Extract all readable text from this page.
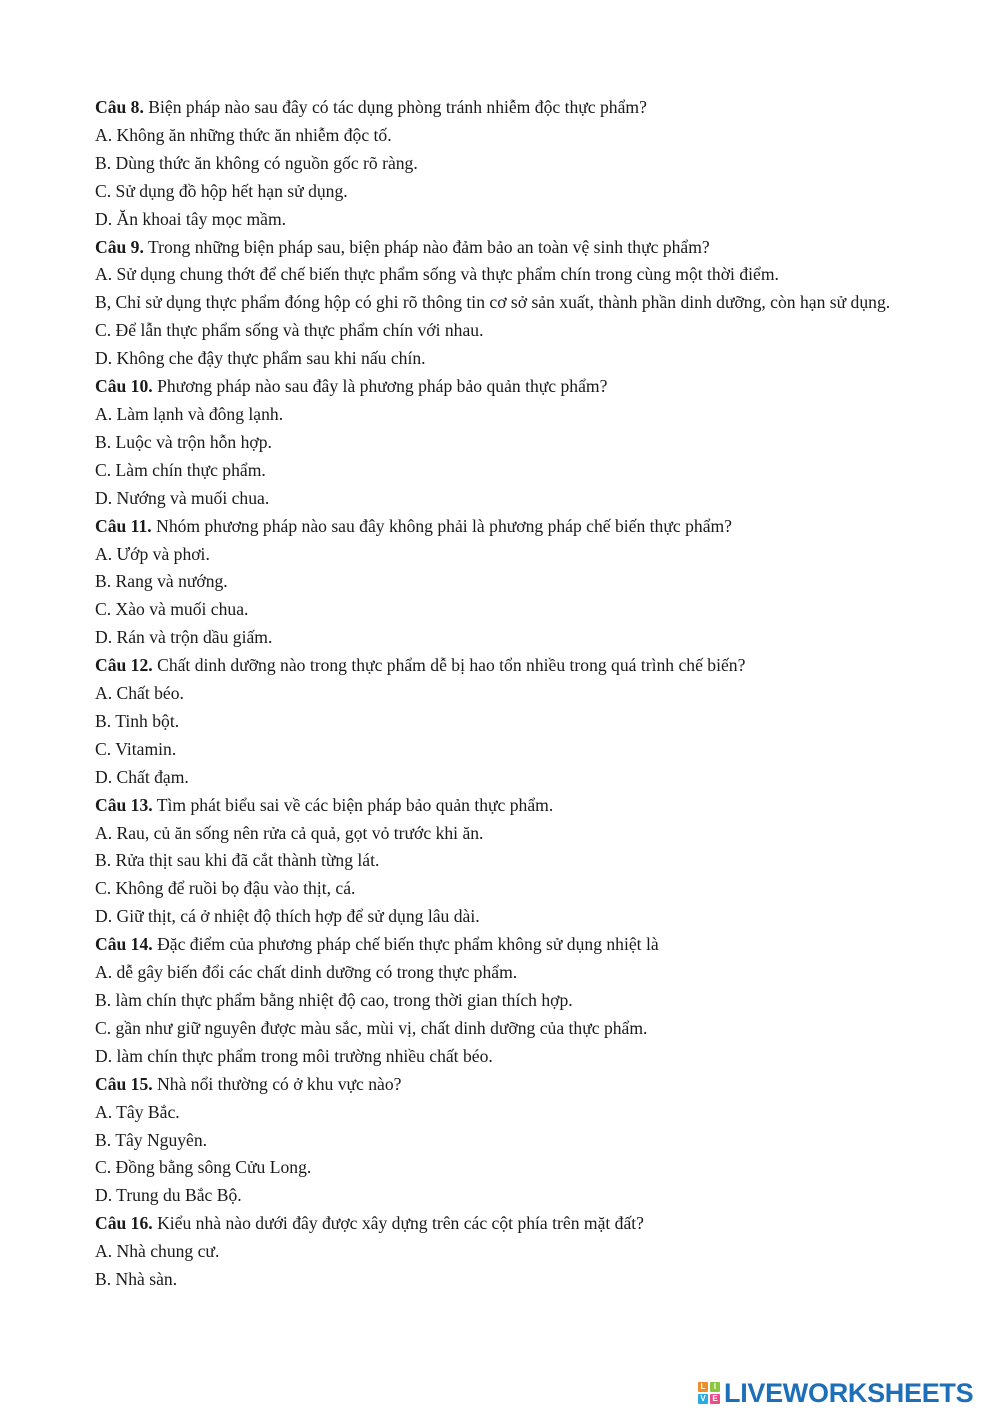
Câu 8. Biện pháp nào sau đây có tác dụng phòng tránh nhiễm độc thực phẩm?
A. Không ăn những thức ăn nhiễm độc tố.
B. Dùng thức ăn không có nguồn gốc rõ ràng.
C. Sử dụng đồ hộp hết hạn sử dụng.
D. Ăn khoai tây mọc mầm.
Câu 9. Trong những biện pháp sau, biện pháp nào đảm bảo an toàn vệ sinh thực phẩm?
A. Sử dụng chung thớt để chế biến thực phẩm sống và thực phẩm chín trong cùng một thời điểm.
B, Chỉ sử dụng thực phẩm đóng hộp có ghi rõ thông tin cơ sở sản xuất, thành phần dinh dưỡng, còn hạn sử dụng.
C. Để lẫn thực phẩm sống và thực phẩm chín với nhau.
D. Không che đậy thực phẩm sau khi nấu chín.
Câu 10. Phương pháp nào sau đây là phương pháp bảo quản thực phẩm?
A. Làm lạnh và đông lạnh.
B. Luộc và trộn hỗn hợp.
C. Làm chín thực phẩm.
D. Nướng và muối chua.
Câu 11. Nhóm phương pháp nào sau đây không phải là phương pháp chế biến thực phẩm?
A. Ướp và phơi.
B. Rang và nướng.
C. Xào và muối chua.
D. Rán và trộn dầu giấm.
Câu 12. Chất dinh dưỡng nào trong thực phẩm dễ bị hao tổn nhiều trong quá trình chế biến?
A. Chất béo.
B. Tinh bột.
C. Vitamin.
D. Chất đạm.
Câu 13. Tìm phát biểu sai về các biện pháp bảo quản thực phẩm.
A. Rau, củ ăn sống nên rửa cả quả, gọt vỏ trước khi ăn.
B. Rửa thịt sau khi đã cắt thành từng lát.
C. Không để ruồi bọ đậu vào thịt, cá.
D. Giữ thịt, cá ở nhiệt độ thích hợp để sử dụng lâu dài.
Câu 14. Đặc điểm của phương pháp chế biến thực phẩm không sử dụng nhiệt là
A. dễ gây biến đổi các chất dinh dưỡng có trong thực phẩm.
B. làm chín thực phẩm bằng nhiệt độ cao, trong thời gian thích hợp.
C. gần như giữ nguyên được màu sắc, mùi vị, chất dinh dưỡng của thực phẩm.
D. làm chín thực phẩm trong môi trường nhiều chất béo.
Câu 15. Nhà nổi thường có ở khu vực nào?
A. Tây Bắc.
B. Tây Nguyên.
C. Đồng bằng sông Cửu Long.
D. Trung du Bắc Bộ.
Câu 16. Kiểu nhà nào dưới đây được xây dựng trên các cột phía trên mặt đất?
A. Nhà chung cư.
B. Nhà sàn.
L	I
V E LIVEWORKSHEETS
